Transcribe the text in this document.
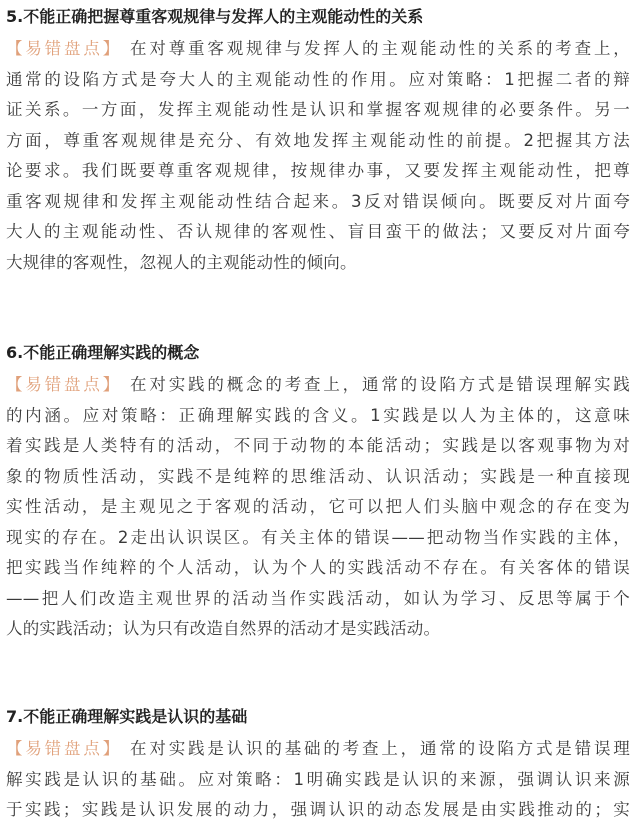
5.不能正确把握尊重客观规律与发挥人的主观能动性的关系

【易错盘点】 在对尊重客观规律与发挥人的主观能动性的关系的考查上，
通常的设陷方式是夸大人的主观能动性的作用。应对策略：1把握二者的辩
证关系。一方面，发挥主观能动性是认识和掌握客观规律的必要条件。另一
方面，尊重客观规律是充分、有效地发挥主观能动性的前提。2把握其方法
论要求。我们既要尊重客观规律，按规律办事，又要发挥主观能动性，把尊
重客观规律和发挥主观能动性结合起来。3反对错误倾向。既要反对片面夸
大人的主观能动性、否认规律的客观性、盲目蛮干的做法；又要反对片面夸
大规律的客观性，忽视人的主观能动性的倾向。

6.不能正确理解实践的概念

【易错盘点】 在对实践的概念的考查上，通常的设陷方式是错误理解实践
的内涵。应对策略：正确理解实践的含义。1实践是以人为主体的，这意味
着实践是人类特有的活动，不同于动物的本能活动；实践是以客观事物为对
象的物质性活动，实践不是纯粹的思维活动、认识活动；实践是一种直接现
实性活动，是主观见之于客观的活动，它可以把人们头脑中观念的存在变为
现实的存在。2走出认识误区。有关主体的错误——把动物当作实践的主体，
把实践当作纯粹的个人活动，认为个人的实践活动不存在。有关客体的错误
——把人们改造主观世界的活动当作实践活动，如认为学习、反思等属于个
人的实践活动；认为只有改造自然界的活动才是实践活动。

7.不能正确理解实践是认识的基础

【易错盘点】 在对实践是认识的基础的考查上，通常的设陷方式是错误理
解实践是认识的基础。应对策略：1明确实践是认识的来源，强调认识来源
于实践；实践是认识发展的动力，强调认识的动态发展是由实践推动的；实
